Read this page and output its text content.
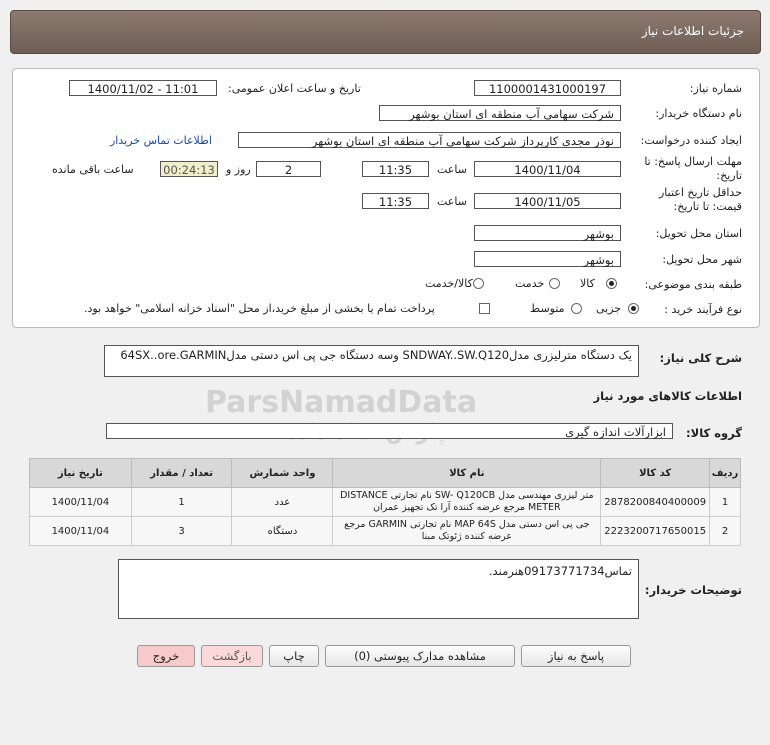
جزئیات اطلاعات نیاز
ParsNamadData
شماره نیاز:
1100001431000197
تاریخ و ساعت اعلان عمومی:
1400/11/02 - 11:01
نام دستگاه خریدار:
شرکت سهامی آب منطقه ای استان بوشهر
ایجاد کننده درخواست:
نوذر مجدی کارپرداز شرکت سهامی آب منطقه ای استان بوشهر
اطلاعات تماس خریدار
مهلت ارسال پاسخ: تا تاریخ:
1400/11/04
ساعت
11:35
2
روز و
00:24:13
ساعت باقی مانده
حداقل تاریخ اعتبار قیمت: تا تاریخ:
1400/11/05
ساعت
11:35
استان محل تحویل:
بوشهر
شهر محل تحویل:
بوشهر
طبقه بندی موضوعی:
کالا
خدمت
کالا/خدمت
نوع فرآیند خرید :
جزیی
متوسط
پرداخت تمام یا بخشی از مبلغ خرید،از محل "اسناد خزانه اسلامی" خواهد بود.
شرح کلی نیاز:
یک دستگاه مترلیزری مدلSNDWAY..SW.Q120 وسه دستگاه جی پی اس دستی مدل64SX..ore.GARMIN
اطلاعات کالاهای مورد نیاز
گروه کالا:
ابزارآلات اندازه گیری
ردیف	کد کالا	نام کالا	واحد شمارش	تعداد / مقدار	تاریخ نیاز
1	2878200840400009	متر لیزری مهندسی مدل SW- Q120CB نام تجارتی DISTANCE METER مرجع عرضه کننده آرا تک تجهیز عمران	عدد	1	1400/11/04
2	2223200717650015	جی پی اس دستی مدل MAP 64S نام تجارتی GARMIN مرجع عرضه کننده ژئوتک مبنا	دستگاه	3	1400/11/04
توضیحات خریدار:
تماس09173771734هنرمند.
پاسخ به نیاز
مشاهده مدارک پیوستی (0)
چاپ
بازگشت
خروج
